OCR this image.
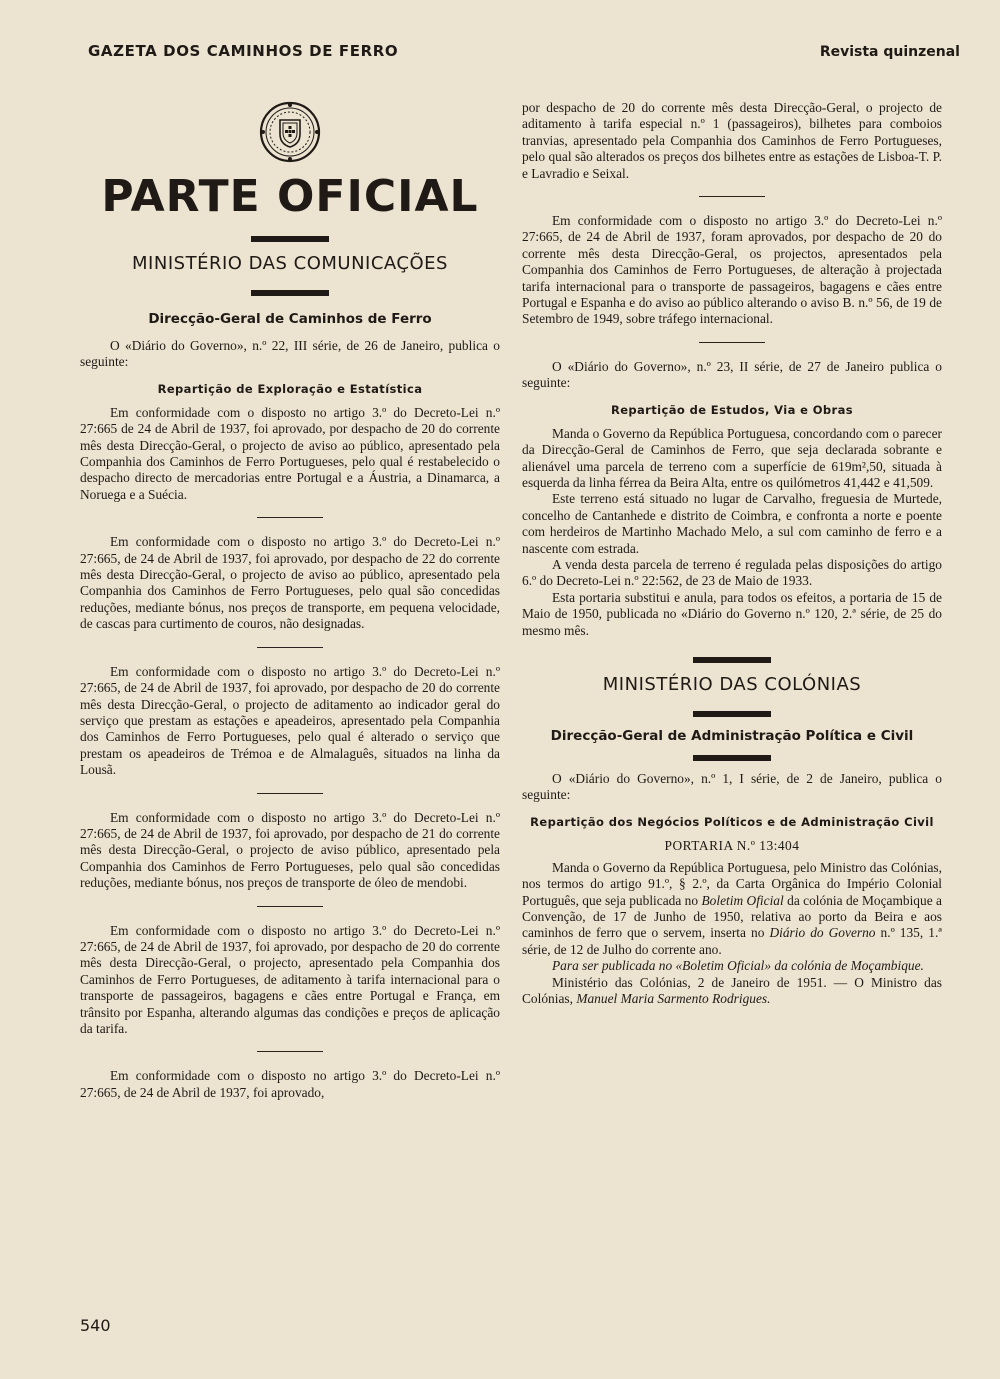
GAZETA DOS CAMINHOS DE FERRO	Revista quinzenal
PARTE OFICIAL
MINISTÉRIO DAS COMUNICAÇÕES
Direcção-Geral de Caminhos de Ferro

O «Diário do Governo», n.º 22, III série, de 26 de Janeiro, publica o seguinte:

Repartição de Exploração e Estatística

Em conformidade com o disposto no artigo 3.º do Decreto-Lei n.º 27:665 de 24 de Abril de 1937, foi aprovado, por despacho de 20 do corrente mês desta Direcção-Geral, o projecto de aviso ao público, apresentado pela Companhia dos Caminhos de Ferro Portugueses, pelo qual é restabelecido o despacho directo de mercadorias entre Portugal e a Áustria, a Dinamarca, a Noruega e a Suécia.

Em conformidade com o disposto no artigo 3.º do Decreto-Lei n.º 27:665, de 24 de Abril de 1937, foi aprovado, por despacho de 22 do corrente mês desta Direcção-Geral, o projecto de aviso ao público, apresentado pela Companhia dos Caminhos de Ferro Portugueses, pelo qual são concedidas reduções, mediante bónus, nos preços de transporte, em pequena velocidade, de cascas para curtimento de couros, não designadas.

Em conformidade com o disposto no artigo 3.º do Decreto-Lei n.º 27:665, de 24 de Abril de 1937, foi aprovado, por despacho de 20 do corrente mês desta Direcção-Geral, o projecto de aditamento ao indicador geral do serviço que prestam as estações e apeadeiros, apresentado pela Companhia dos Caminhos de Ferro Portugueses, pelo qual é alterado o serviço que prestam os apeadeiros de Trémoa e de Almalaguês, situados na linha da Lousã.

Em conformidade com o disposto no artigo 3.º do Decreto-Lei n.º 27:665, de 24 de Abril de 1937, foi aprovado, por despacho de 21 do corrente mês desta Direcção-Geral, o projecto de aviso público, apresentado pela Companhia dos Caminhos de Ferro Portugueses, pelo qual são concedidas reduções, mediante bónus, nos preços de transporte de óleo de mendobi.

Em conformidade com o disposto no artigo 3.º do Decreto-Lei n.º 27:665, de 24 de Abril de 1937, foi aprovado, por despacho de 20 do corrente mês desta Direcção-Geral, o projecto, apresentado pela Companhia dos Caminhos de Ferro Portugueses, de aditamento à tarifa internacional para o transporte de passageiros, bagagens e cães entre Portugal e França, em trânsito por Espanha, alterando algumas das condições e preços de aplicação da tarifa.

Em conformidade com o disposto no artigo 3.º do Decreto-Lei n.º 27:665, de 24 de Abril de 1937, foi aprovado,

por despacho de 20 do corrente mês desta Direcção-Geral, o projecto de aditamento à tarifa especial n.º 1 (passageiros), bilhetes para comboios tranvias, apresentado pela Companhia dos Caminhos de Ferro Portugueses, pelo qual são alterados os preços dos bilhetes entre as estações de Lisboa-T. P. e Lavradio e Seixal.

Em conformidade com o disposto no artigo 3.º do Decreto-Lei n.º 27:665, de 24 de Abril de 1937, foram aprovados, por despacho de 20 do corrente mês desta Direcção-Geral, os projectos, apresentados pela Companhia dos Caminhos de Ferro Portugueses, de alteração à projectada tarifa internacional para o transporte de passageiros, bagagens e cães entre Portugal e Espanha e do aviso ao público alterando o aviso B. n.º 56, de 19 de Setembro de 1949, sobre tráfego internacional.

O «Diário do Governo», n.º 23, II série, de 27 de Janeiro publica o seguinte:

Repartição de Estudos, Via e Obras

Manda o Governo da República Portuguesa, concordando com o parecer da Direcção-Geral de Caminhos de Ferro, que seja declarada sobrante e alienável uma parcela de terreno com a superfície de 619m²,50, situada à esquerda da linha férrea da Beira Alta, entre os quilómetros 41,442 e 41,509.

Este terreno está situado no lugar de Carvalho, freguesia de Murtede, concelho de Cantanhede e distrito de Coimbra, e confronta a norte e poente com herdeiros de Martinho Machado Melo, a sul com caminho de ferro e a nascente com estrada.

A venda desta parcela de terreno é regulada pelas disposições do artigo 6.º do Decreto-Lei n.º 22:562, de 23 de Maio de 1933.

Esta portaria substitui e anula, para todos os efeitos, a portaria de 15 de Maio de 1950, publicada no «Diário do Governo n.º 120, 2.ª série, de 25 do mesmo mês.

MINISTÉRIO DAS COLÓNIAS
Direcção-Geral de Administração Política e Civil

O «Diário do Governo», n.º 1, I série, de 2 de Janeiro, publica o seguinte:

Repartição dos Negócios Políticos e de Administração Civil
PORTARIA N.º 13:404

Manda o Governo da República Portuguesa, pelo Ministro das Colónias, nos termos do artigo 91.º, § 2.º, da Carta Orgânica do Império Colonial Português, que seja publicada no Boletim Oficial da colónia de Moçambique a Convenção, de 17 de Junho de 1950, relativa ao porto da Beira e aos caminhos de ferro que o servem, inserta no Diário do Governo n.º 135, 1.ª série, de 12 de Julho do corrente ano.

Para ser publicada no «Boletim Oficial» da colónia de Moçambique.

Ministério das Colónias, 2 de Janeiro de 1951. — O Ministro das Colónias, Manuel Maria Sarmento Rodrigues.

540
